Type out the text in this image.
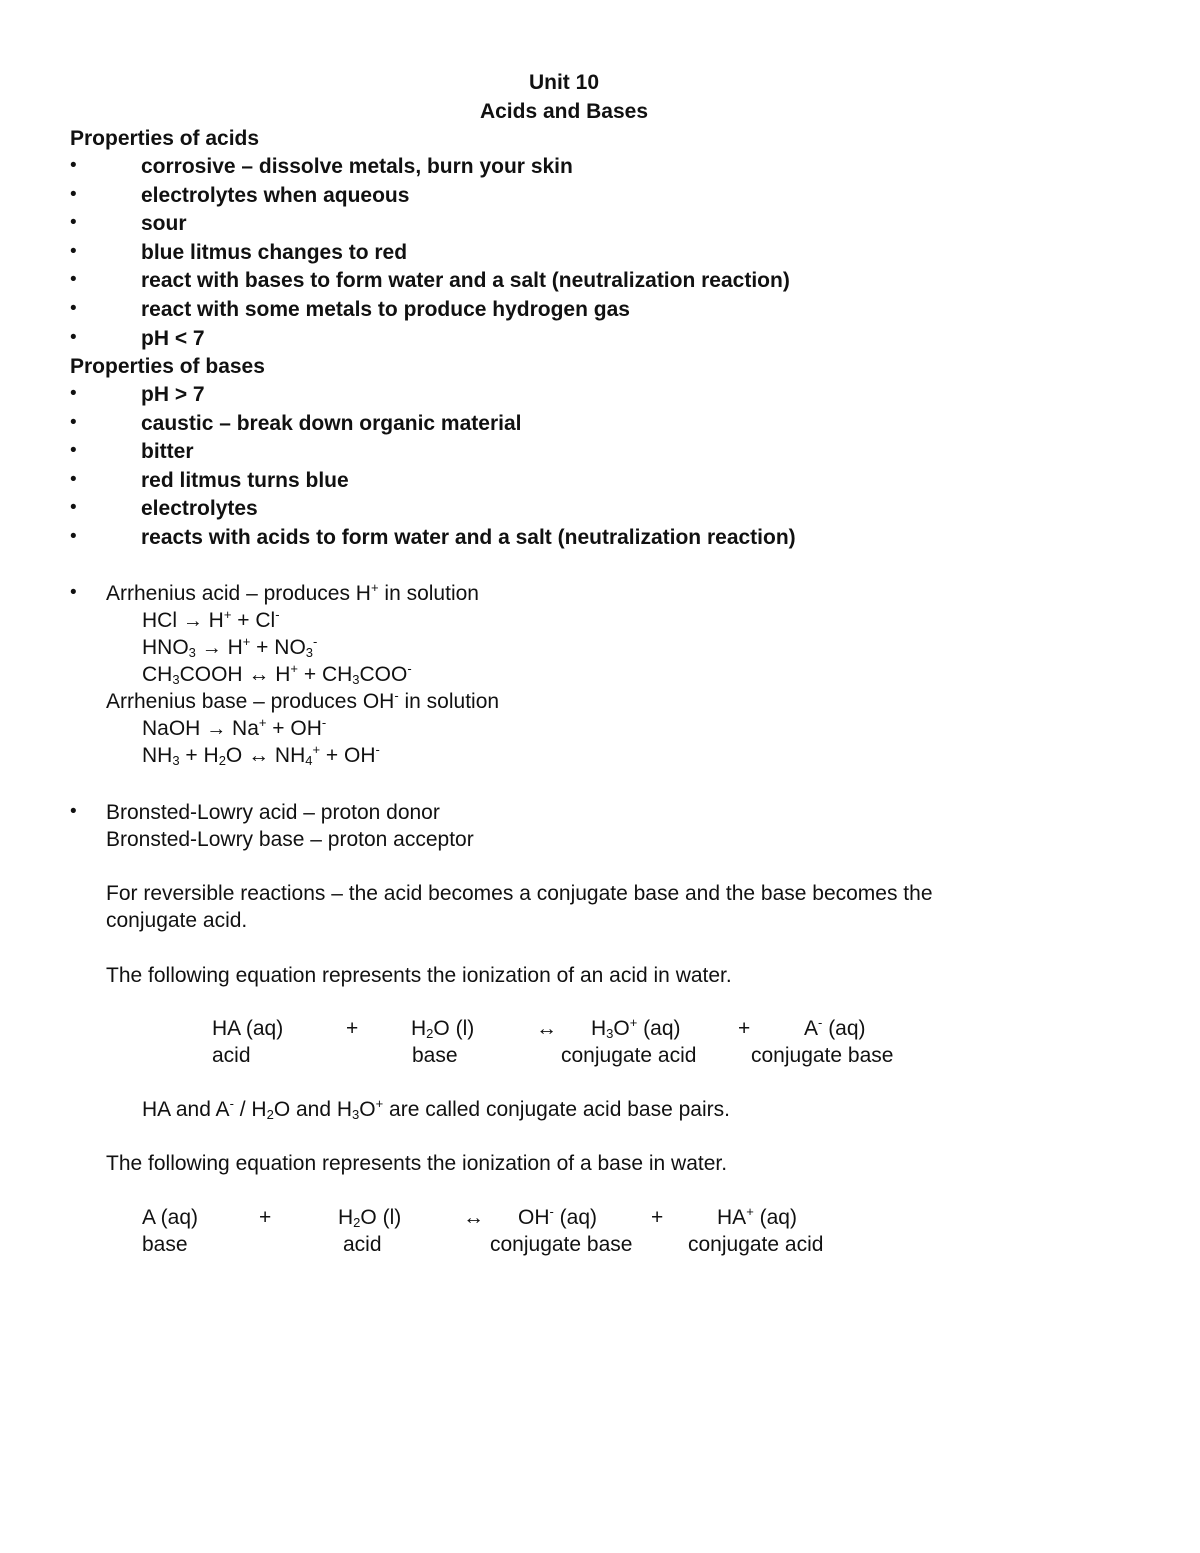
Unit 10
Acids and Bases
Properties of acids
•	corrosive – dissolve metals, burn your skin
•	electrolytes when aqueous
•	sour
•	blue litmus changes to red
•	react with bases to form water and a salt (neutralization reaction)
•	react with some metals to produce hydrogen gas
•	pH < 7
Properties of bases
•	pH > 7
•	caustic – break down organic material
•	bitter
•	red litmus turns blue
•	electrolytes
•	reacts with acids to form water and a salt (neutralization reaction)
• Arrhenius acid – produces H+ in solution
HCl → H+ + Cl-
$HNO_3 \to H^+ + NO_3^-$
$CH_3COOH$ ↔ $H^+ + CH_3COO^-$
Arrhenius base – produces OH- in solution
NaOH → Na+ + OH-
$NH_3 + H_2O$ ↔ $NH_4^+ + OH^-$
• Bronsted-Lowry acid – proton donor
Bronsted-Lowry base – proton acceptor
For reversible reactions – the acid becomes a conjugate base and the base becomes the
conjugate acid.
The following equation represents the ionization of an acid in water.
HA (aq)	+	$H_2O$ (l)	↔ $H_3O^+$ (aq)	+	A- (aq)
acid	base	conjugate acid	conjugate base
HA and $A^- / H_2O$ and $H_3O^+$ are called conjugate acid base pairs.
The following equation represents the ionization of a base in water.
A (aq)	+	$H_2O$ (l)	↔ OH- (aq)	+	HA+ (aq)
base	acid	conjugate base	conjugate acid
